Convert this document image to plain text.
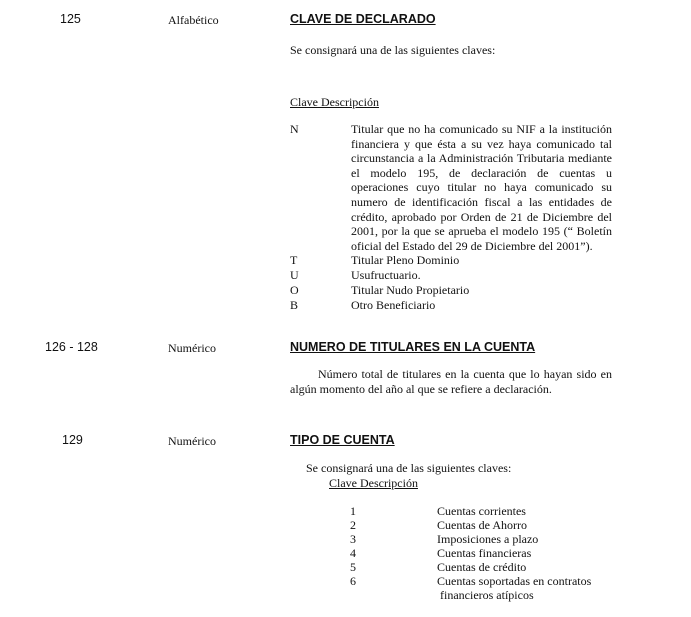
125	Alfabético	CLAVE DE DECLARADO
Se consignará una de las siguientes claves:
Clave Descripción
N	Titular que no ha comunicado su NIF a la institución
financiera y que ésta a su vez haya comunicado tal
circunstancia a la Administración Tributaria mediante
el modelo 195, de declaración de cuentas u
operaciones cuyo titular no haya comunicado su
numero de identificación fiscal a las entidades de
crédito, aprobado por Orden de 21 de Diciembre del
2001, por la que se aprueba el modelo 195 (“ Boletín
oficial del Estado del 29 de Diciembre del 2001”).
T	Titular Pleno Dominio
U	Usufructuario.
O	Titular Nudo Propietario
B	Otro Beneficiario
126 - 128	Numérico	NUMERO DE TITULARES EN LA CUENTA
Número total de titulares en la cuenta que lo hayan sido en
algún momento del año al que se refiere a declaración.
129	Numérico	TIPO DE CUENTA
Se consignará una de las siguientes claves:
Clave Descripción
1	Cuentas corrientes
2	Cuentas de Ahorro
3	Imposiciones a plazo
4	Cuentas financieras
5	Cuentas de crédito
6	Cuentas soportadas en contratos
financieros atípicos
